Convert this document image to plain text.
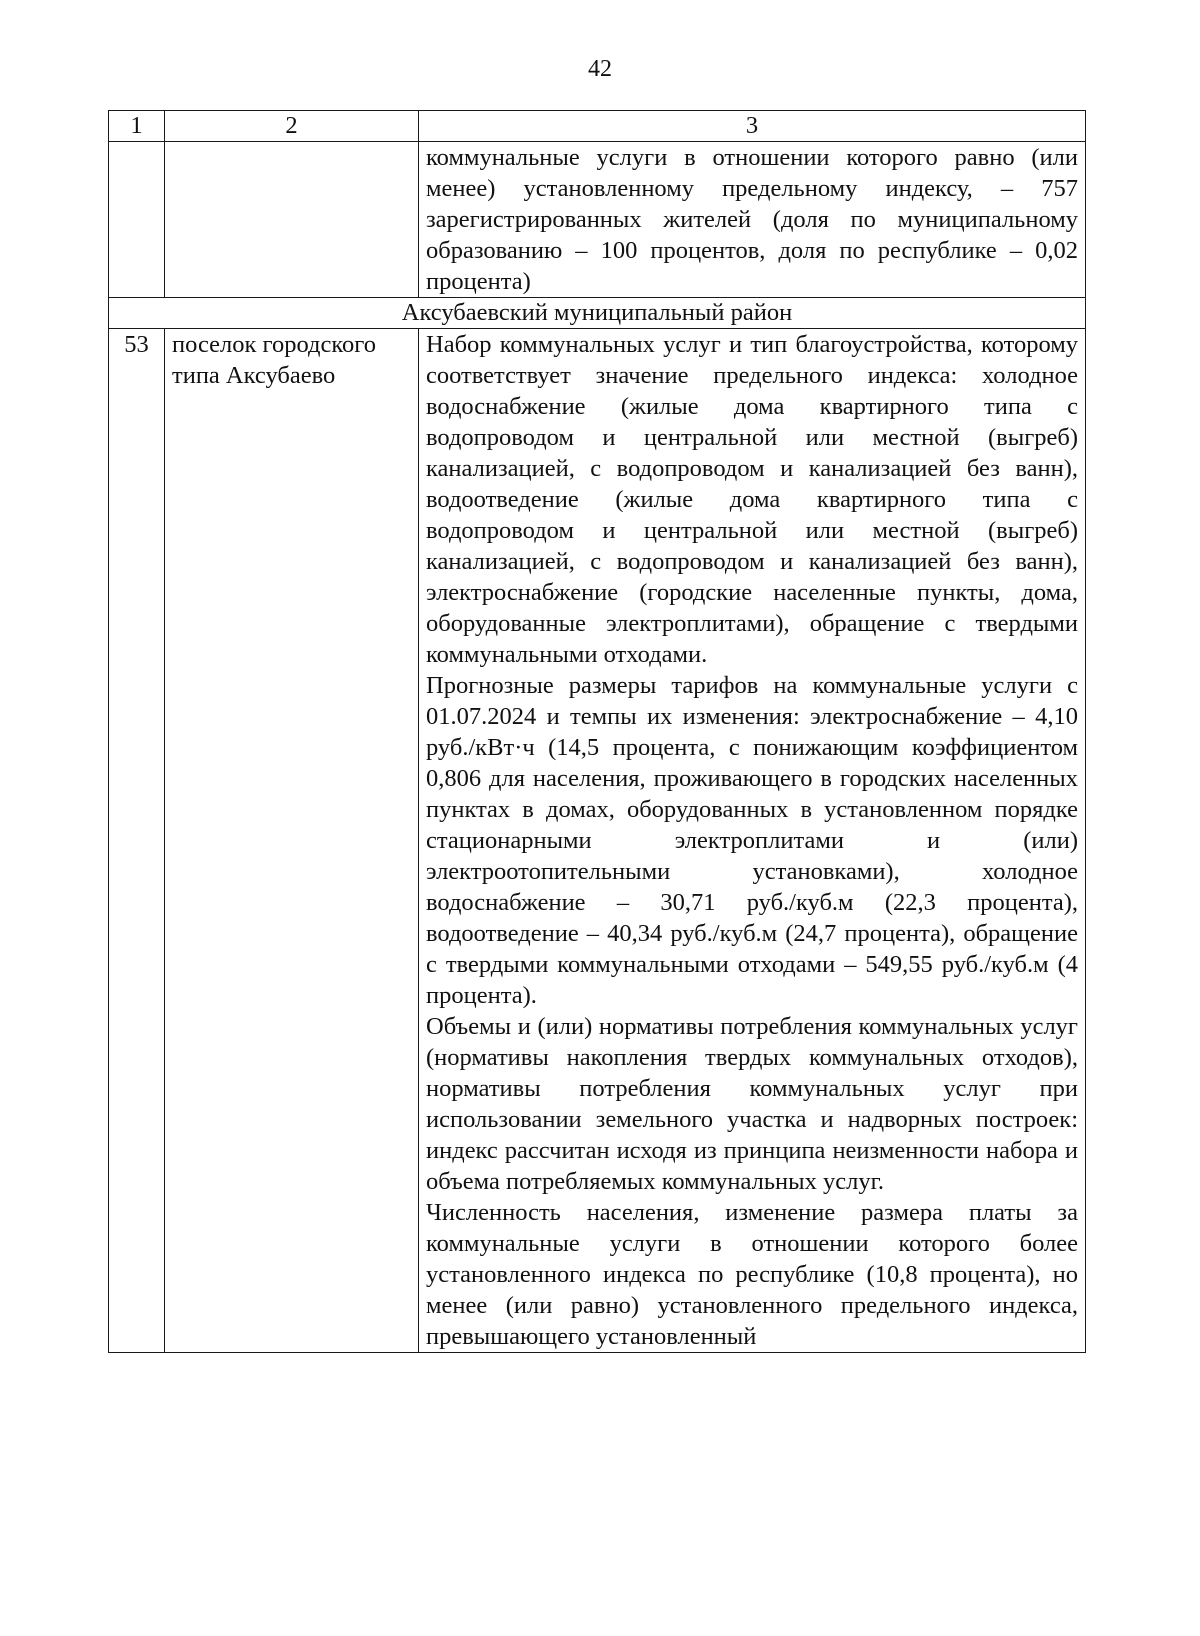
42
1	2	3
		коммунальные услуги в отношении которого равно (или менее) установленному предельному индексу, – 757 зарегистрированных жителей (доля по муниципальному образованию – 100 процентов, доля по республике – 0,02 процента)
Аксубаевский муниципальный район		
53	поселок городского типа Аксубаево	Набор коммунальных услуг и тип благоустройства, которому соответствует значение предельного индекса: холодное водоснабжение (жилые дома квартирного типа с водопроводом и центральной или местной (выгреб) канализацией, с водопроводом и канализацией без ванн), водоотведение (жилые дома квартирного типа с водопроводом и центральной или местной (выгреб) канализацией, с водопроводом и канализацией без ванн), электроснабжение (городские населенные пункты, дома, оборудованные электроплитами), обращение с твердыми коммунальными отходами.
Прогнозные размеры тарифов на коммунальные услуги с 01.07.2024 и темпы их изменения: электроснабжение – 4,10 руб./кВт·ч (14,5 процента, с понижающим коэффициентом 0,806 для населения, проживающего в городских населенных пунктах в домах, оборудованных в установленном порядке стационарными электроплитами и (или) электроотопительными установками), холодное водоснабжение – 30,71 руб./куб.м (22,3 процента), водоотведение – 40,34 руб./куб.м (24,7 процента), обращение с твердыми коммунальными отходами – 549,55 руб./куб.м (4 процента).
Объемы и (или) нормативы потребления коммунальных услуг (нормативы накопления твердых коммунальных отходов), нормативы потребления коммунальных услуг при использовании земельного участка и надворных построек: индекс рассчитан исходя из принципа неизменности набора и объема потребляемых коммунальных услуг.
Численность населения, изменение размера платы за коммунальные услуги в отношении которого более установленного индекса по республике (10,8 процента), но менее (или равно) установленного предельного индекса, превышающего установленный
